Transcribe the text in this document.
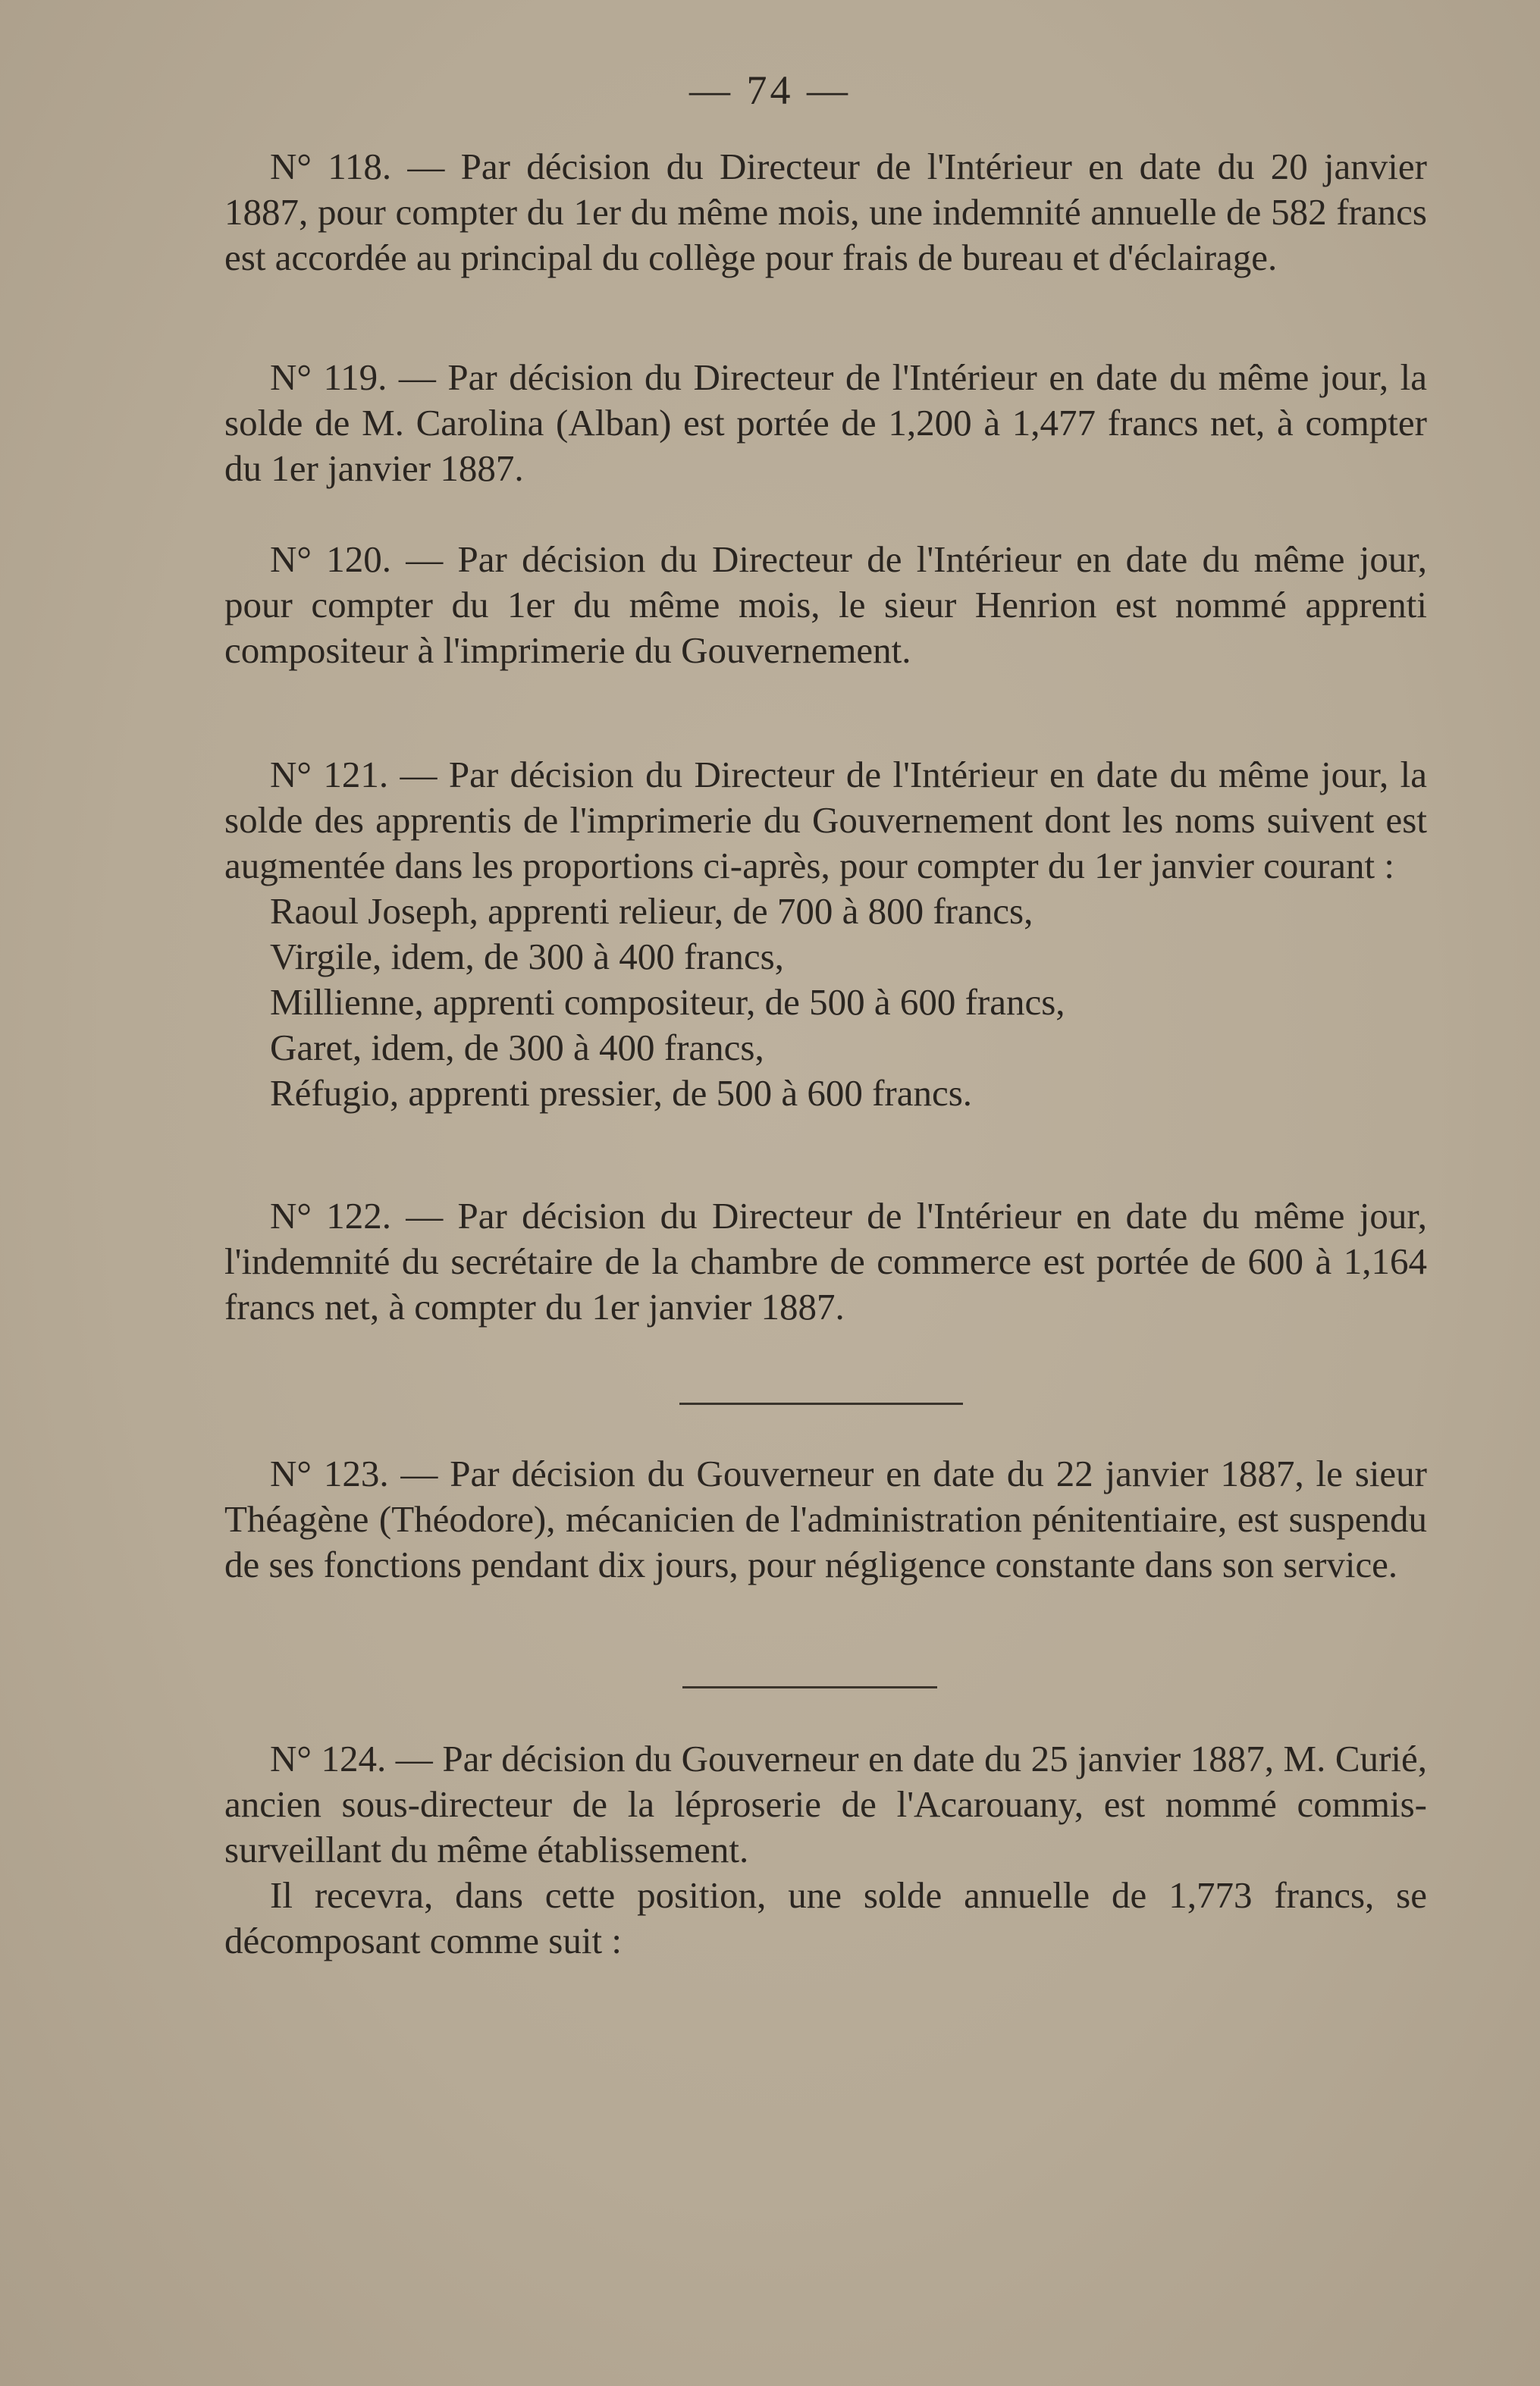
— 74 —

N° 118. — Par décision du Directeur de l'Intérieur en date du 20 janvier 1887, pour compter du 1er du même mois, une indemnité annuelle de 582 francs est accordée au principal du collège pour frais de bureau et d'éclairage.

N° 119. — Par décision du Directeur de l'Intérieur en date du même jour, la solde de M. Carolina (Alban) est portée de 1,200 à 1,477 francs net, à compter du 1er janvier 1887.

N° 120. — Par décision du Directeur de l'Intérieur en date du même jour, pour compter du 1er du même mois, le sieur Henrion est nommé apprenti compositeur à l'imprimerie du Gouvernement.

N° 121. — Par décision du Directeur de l'Intérieur en date du même jour, la solde des apprentis de l'imprimerie du Gouvernement dont les noms suivent est augmentée dans les proportions ci-après, pour compter du 1er janvier courant :

Raoul Joseph, apprenti relieur, de 700 à 800 francs,
Virgile, idem, de 300 à 400 francs,
Millienne, apprenti compositeur, de 500 à 600 francs,
Garet, idem, de 300 à 400 francs,
Réfugio, apprenti pressier, de 500 à 600 francs.

N° 122. — Par décision du Directeur de l'Intérieur en date du même jour, l'indemnité du secrétaire de la chambre de commerce est portée de 600 à 1,164 francs net, à compter du 1er janvier 1887.

N° 123. — Par décision du Gouverneur en date du 22 janvier 1887, le sieur Théagène (Théodore), mécanicien de l'administration pénitentiaire, est suspendu de ses fonctions pendant dix jours, pour négligence constante dans son service.

N° 124. — Par décision du Gouverneur en date du 25 janvier 1887, M. Curié, ancien sous-directeur de la léproserie de l'Acarouany, est nommé commis-surveillant du même établissement.

Il recevra, dans cette position, une solde annuelle de 1,773 francs, se décomposant comme suit :
